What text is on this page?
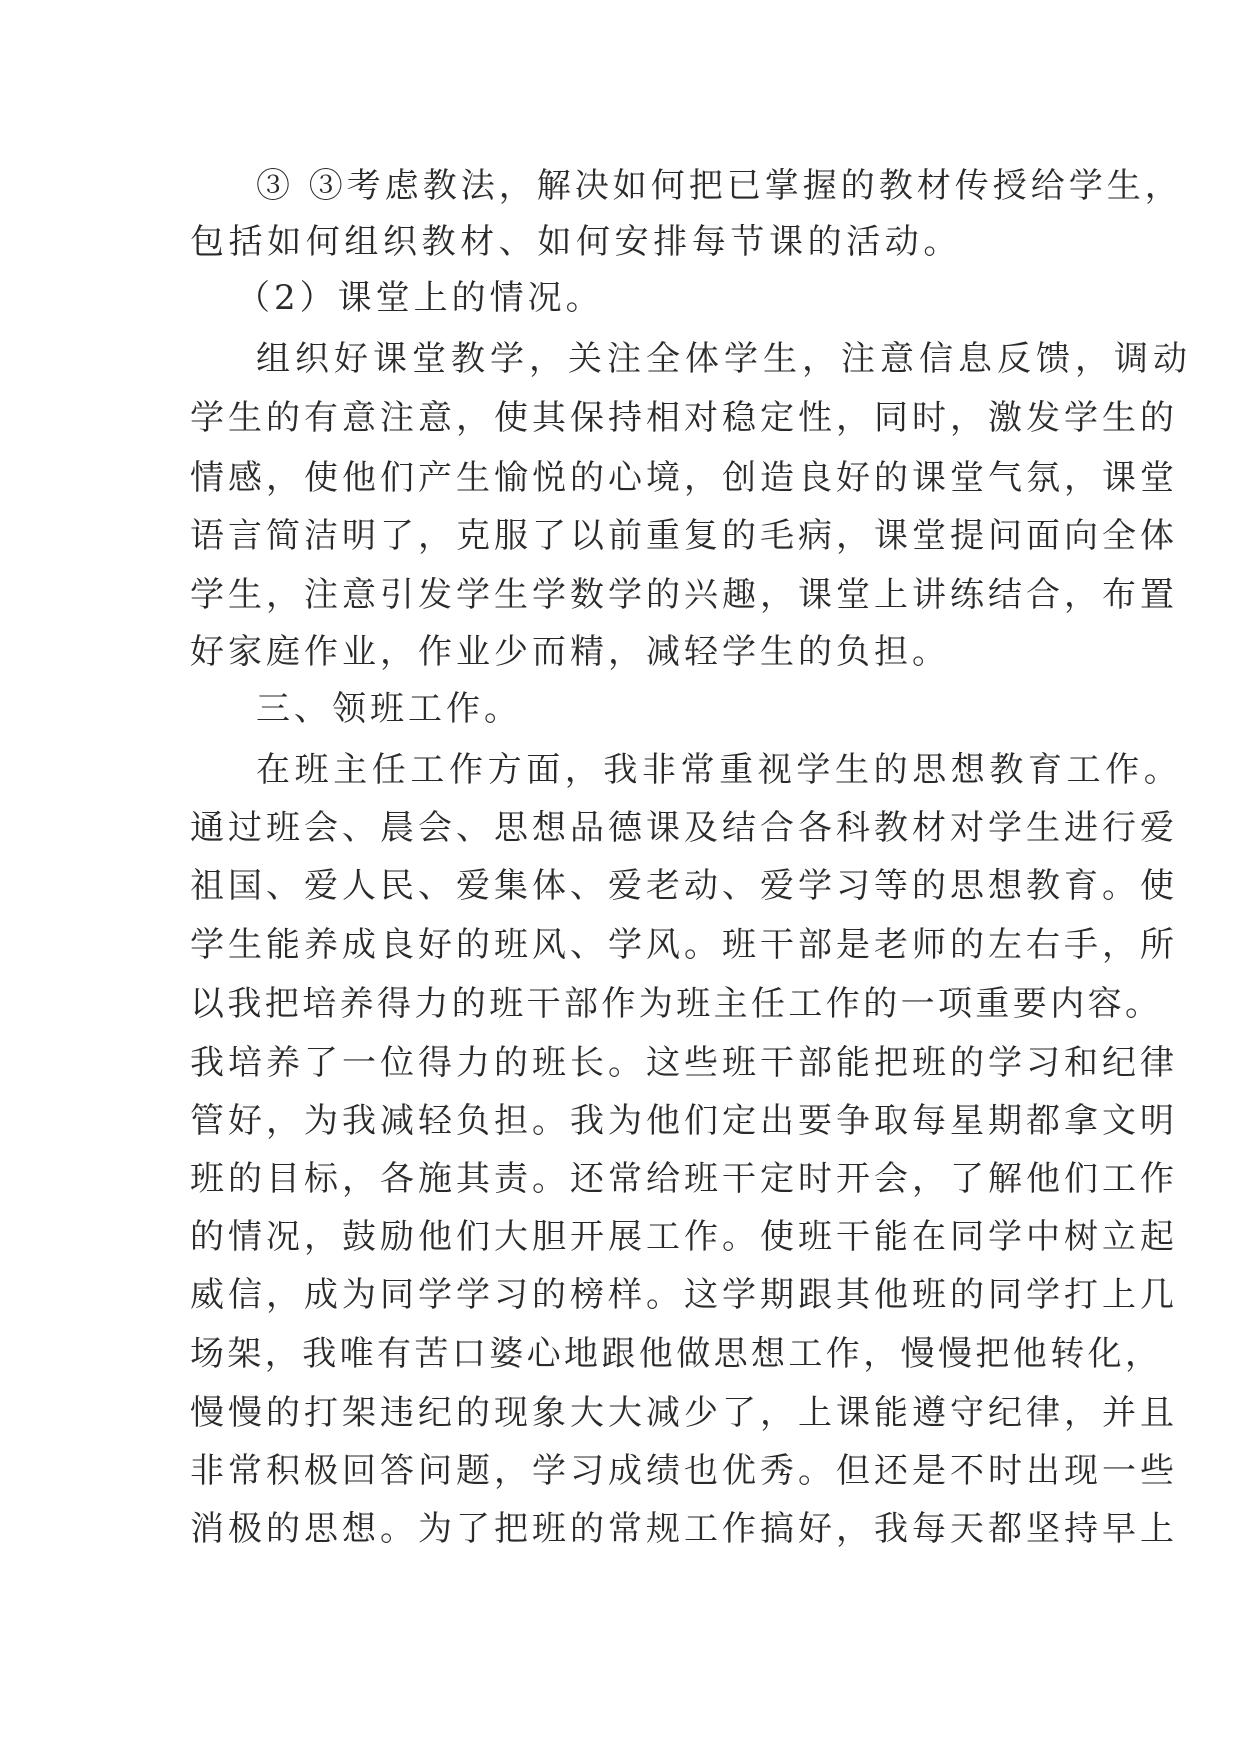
③ ③考虑教法，解决如何把已掌握的教材传授给学生，
包括如何组织教材、如何安排每节课的活动。
（2）课堂上的情况。
组织好课堂教学，关注全体学生，注意信息反馈，调动
学生的有意注意，使其保持相对稳定性，同时，激发学生的
情感，使他们产生愉悦的心境，创造良好的课堂气氛，课堂
语言简洁明了，克服了以前重复的毛病，课堂提问面向全体
学生，注意引发学生学数学的兴趣，课堂上讲练结合，布置
好家庭作业，作业少而精，减轻学生的负担。
三、领班工作。
在班主任工作方面，我非常重视学生的思想教育工作。
通过班会、晨会、思想品德课及结合各科教材对学生进行爱
祖国、爱人民、爱集体、爱老动、爱学习等的思想教育。使
学生能养成良好的班风、学风。班干部是老师的左右手，所
以我把培养得力的班干部作为班主任工作的一项重要内容。
我培养了一位得力的班长。这些班干部能把班的学习和纪律
管好，为我减轻负担。我为他们定出要争取每星期都拿文明
班的目标，各施其责。还常给班干定时开会，了解他们工作
的情况，鼓励他们大胆开展工作。使班干能在同学中树立起
威信，成为同学学习的榜样。这学期跟其他班的同学打上几
场架，我唯有苦口婆心地跟他做思想工作，慢慢把他转化，
慢慢的打架违纪的现象大大减少了，上课能遵守纪律，并且
非常积极回答问题，学习成绩也优秀。但还是不时出现一些
消极的思想。为了把班的常规工作搞好，我每天都坚持早上
